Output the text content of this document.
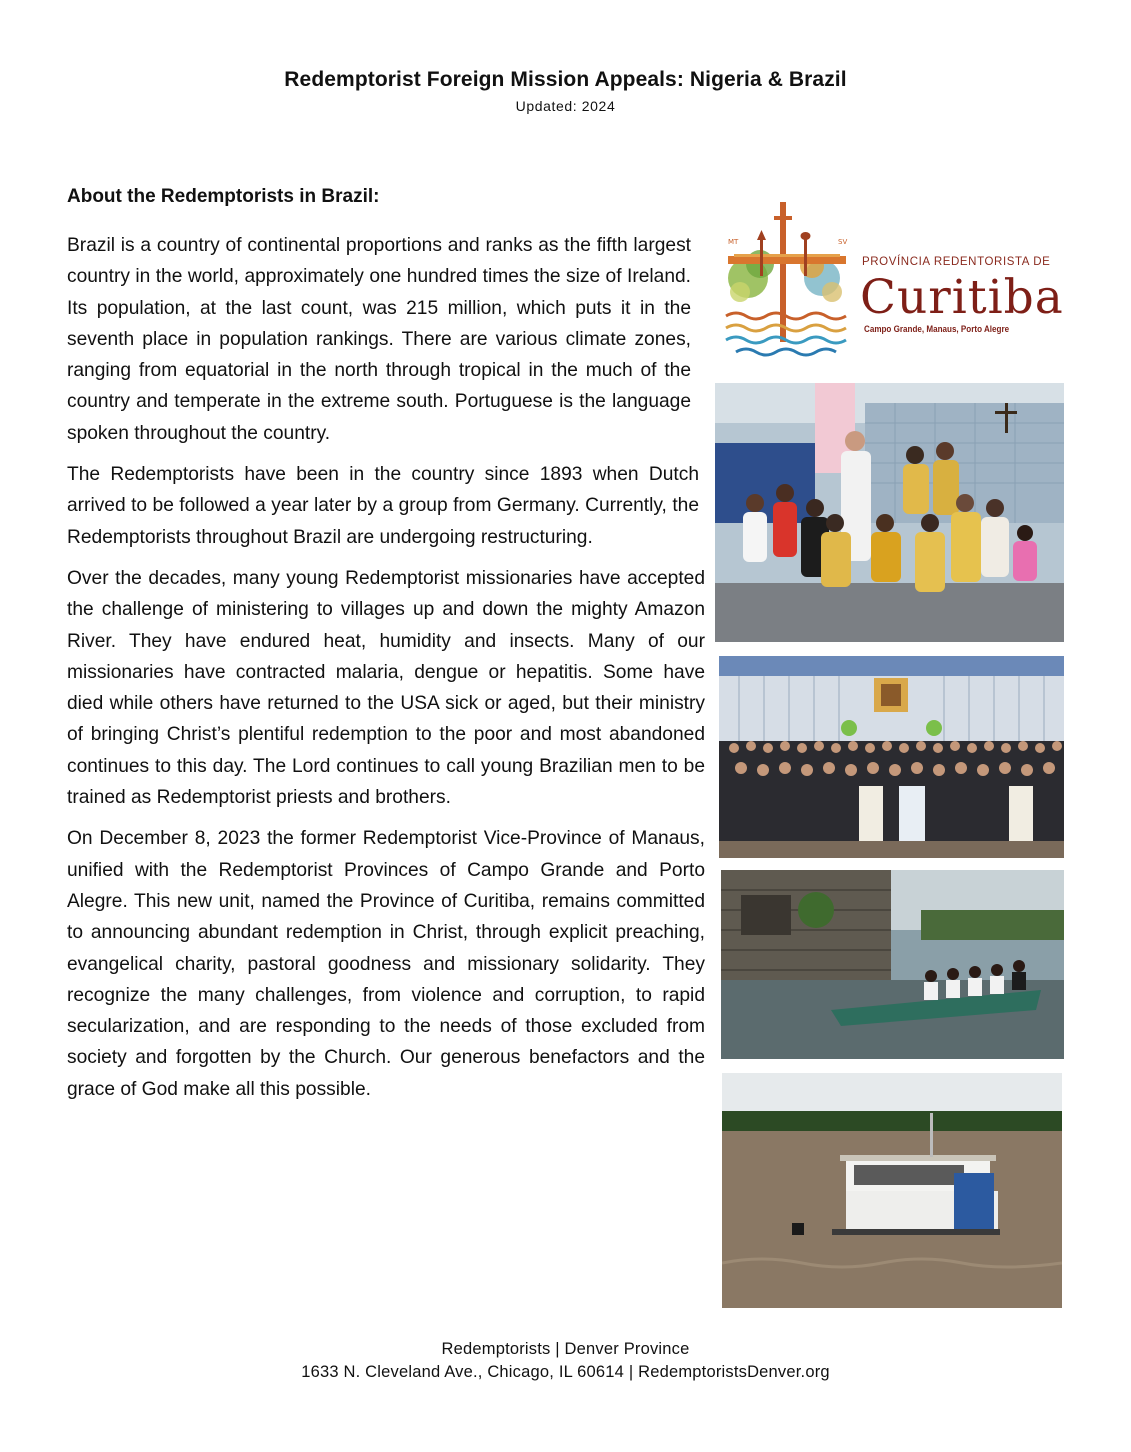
Redemptorist Foreign Mission Appeals: Nigeria & Brazil
Updated: 2024
About the Redemptorists in Brazil:

Brazil is a country of continental proportions and ranks as the fifth largest country in the world, approximately one hundred times the size of Ireland. Its population, at the last count, was 215 million, which puts it in the seventh place in population rankings. There are various climate zones, ranging from equatorial in the north through tropical in the much of the country and temperate in the extreme south. Portuguese is the language spoken throughout the country.

The Redemptorists have been in the country since 1893 when Dutch arrived to be followed a year later by a group from Germany. Currently, the Redemptorists throughout Brazil are undergoing restructuring.

Over the decades, many young Redemptorist missionaries have accepted the challenge of ministering to villages up and down the mighty Amazon River. They have endured heat, humidity and insects. Many of our missionaries have contracted malaria, dengue or hepatitis. Some have died while others have returned to the USA sick or aged, but their ministry of bringing Christ’s plentiful redemption to the poor and most abandoned continues to this day. The Lord continues to call young Brazilian men to be trained as Redemptorist priests and brothers.

On December 8, 2023 the former Redemptorist Vice-Province of Manaus, unified with the Redemptorist Provinces of Campo Grande and Porto Alegre. This new unit, named the Province of Curitiba, remains committed to announcing abundant redemption in Christ, through explicit preaching, evangelical charity, pastoral goodness and missionary solidarity. They recognize the many challenges, from violence and corruption, to rapid secularization, and are responding to the needs of those excluded from society and forgotten by the Church. Our generous benefactors and the grace of God make all this possible.

MT	SV
PROVÍNCIA REDENTORISTA DE
Curitiba
Campo Grande, Manaus, Porto Alegre
Redemptorists | Denver Province
1633 N. Cleveland Ave., Chicago, IL 60614 | RedemptoristsDenver.org
